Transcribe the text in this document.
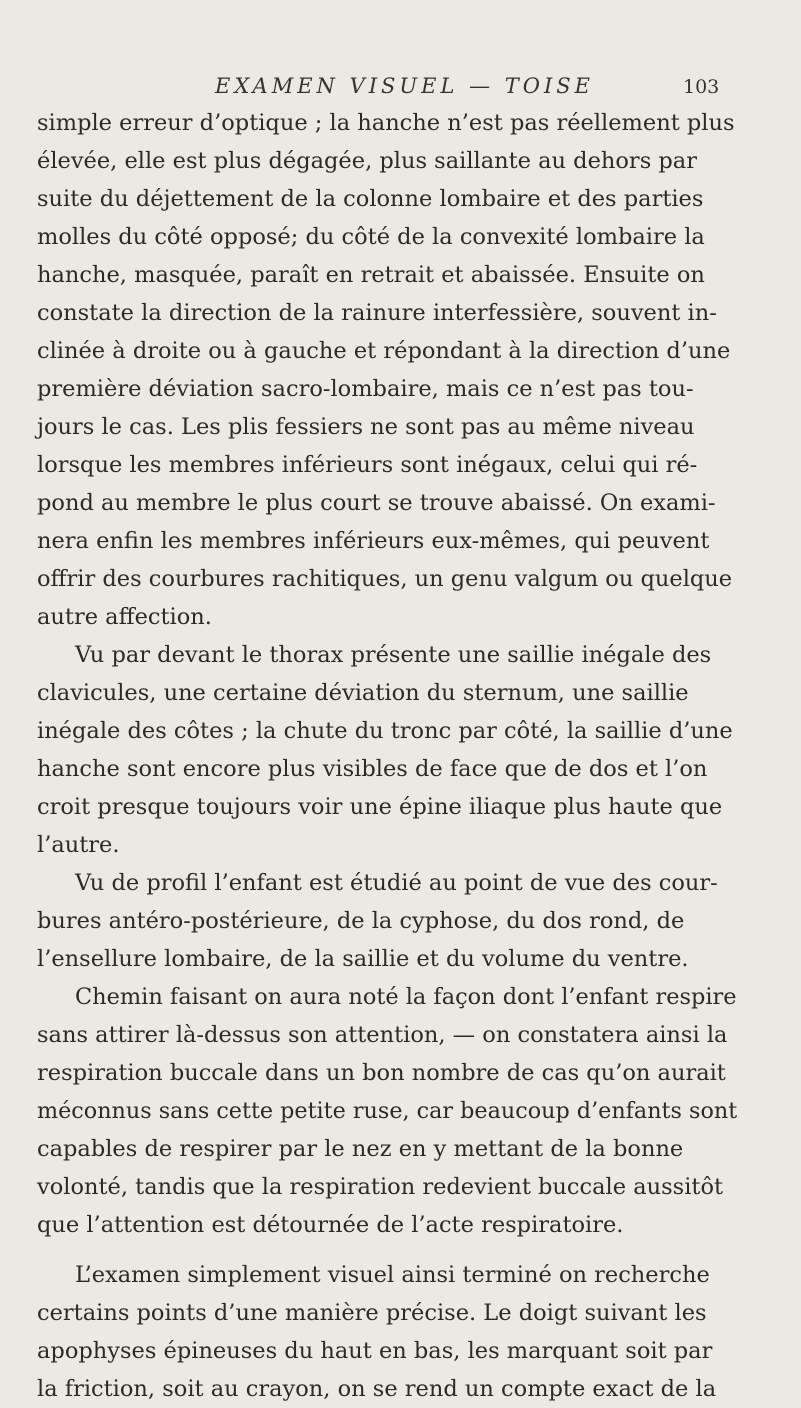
EXAMEN VISUEL — TOISE	103
simple erreur d’optique ; la hanche n’est pas réellement plus
élevée, elle est plus dégagée, plus saillante au dehors par
suite du déjettement de la colonne lombaire et des parties
molles du côté opposé; du côté de la convexité lombaire la
hanche, masquée, paraît en retrait et abaissée. Ensuite on
constate la direction de la rainure interfessière, souvent in-
clinée à droite ou à gauche et répondant à la direction d’une
première déviation sacro-lombaire, mais ce n’est pas tou-
jours le cas. Les plis fessiers ne sont pas au même niveau
lorsque les membres inférieurs sont inégaux, celui qui ré-
pond au membre le plus court se trouve abaissé. On exami-
nera enfin les membres inférieurs eux-mêmes, qui peuvent
offrir des courbures rachitiques, un genu valgum ou quelque
autre affection.
Vu par devant le thorax présente une saillie inégale des
clavicules, une certaine déviation du sternum, une saillie
inégale des côtes ; la chute du tronc par côté, la saillie d’une
hanche sont encore plus visibles de face que de dos et l’on
croit presque toujours voir une épine iliaque plus haute que
l’autre.
Vu de profil l’enfant est étudié au point de vue des cour-
bures antéro-postérieure, de la cyphose, du dos rond, de
l’ensellure lombaire, de la saillie et du volume du ventre.
Chemin faisant on aura noté la façon dont l’enfant respire
sans attirer là-dessus son attention, — on constatera ainsi la
respiration buccale dans un bon nombre de cas qu’on aurait
méconnus sans cette petite ruse, car beaucoup d’enfants sont
capables de respirer par le nez en y mettant de la bonne
volonté, tandis que la respiration redevient buccale aussitôt
que l’attention est détournée de l’acte respiratoire.
L’examen simplement visuel ainsi terminé on recherche
certains points d’une manière précise. Le doigt suivant les
apophyses épineuses du haut en bas, les marquant soit par
la friction, soit au crayon, on se rend un compte exact de la
